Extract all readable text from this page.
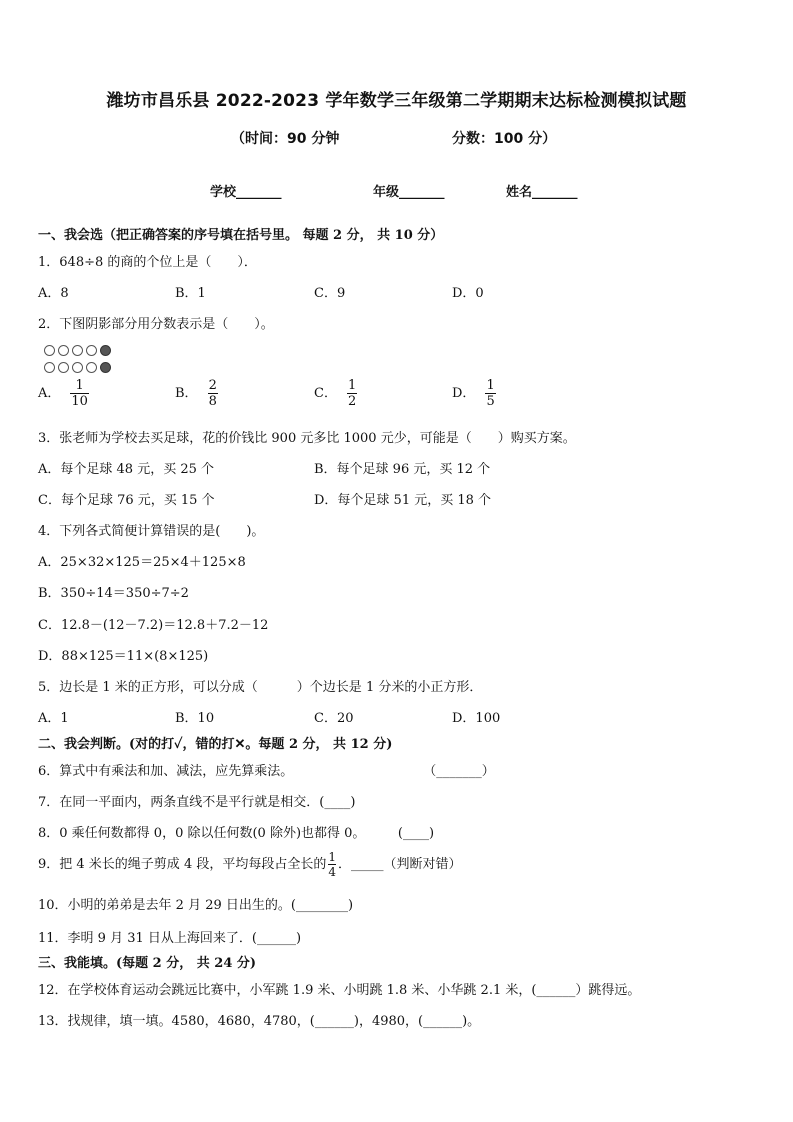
潍坊市昌乐县 2022-2023 学年数学三年级第二学期期末达标检测模拟试题
（时间：90 分钟	分数：100 分）
学校_______	年级_______	姓名_______
一、我会选（把正确答案的序号填在括号里。 每题 2 分， 共 10 分）
1．648÷8 的商的个位上是（　　）．
A．8	B．1	C．9	D．0
2．下图阴影部分用分数表示是（　　）。
A． $\frac{1}{10}$	B． $\frac{2}{8}$	C． $\frac{1}{2}$	D． $\frac{1}{5}$
3．张老师为学校去买足球，花的价钱比 900 元多比 1000 元少，可能是（　　）购买方案。
A．每个足球 48 元，买 25 个	B．每个足球 96 元，买 12 个
C．每个足球 76 元，买 15 个	D．每个足球 51 元，买 18 个
4．下列各式简便计算错误的是(　　)。
A．25×32×125＝25×4＋125×8
B．350÷14＝350÷7÷2
C．12.8－(12－7.2)＝12.8＋7.2－12
D．88×125＝11×(8×125)
5．边长是 1 米的正方形，可以分成（　　　）个边长是 1 分米的小正方形．
A．1	B．10	C．20	D．100
二、我会判断。(对的打✓，错的打✕。每题 2 分， 共 12 分)
6．算式中有乘法和加、减法，应先算乘法。　　　　　　　　　　　（_______）
7．在同一平面内，两条直线不是平行就是相交．(____)
8．0 乘任何数都得 0，0 除以任何数(0 除外)也都得 0。　　　(____)
9．把 4 米长的绳子剪成 4 段，平均每段占全长的 $\frac{1}{4}$ ．_____（判断对错）
10．小明的弟弟是去年 2 月 29 日出生的。(________)
11．李明 9 月 31 日从上海回来了．(______)
三、我能填。(每题 2 分， 共 24 分)
12．在学校体育运动会跳远比赛中，小军跳 1.9 米、小明跳 1.8 米、小华跳 2.1 米，(______）跳得远。
13．找规律，填一填。4580，4680，4780，(______)，4980，(______)。
